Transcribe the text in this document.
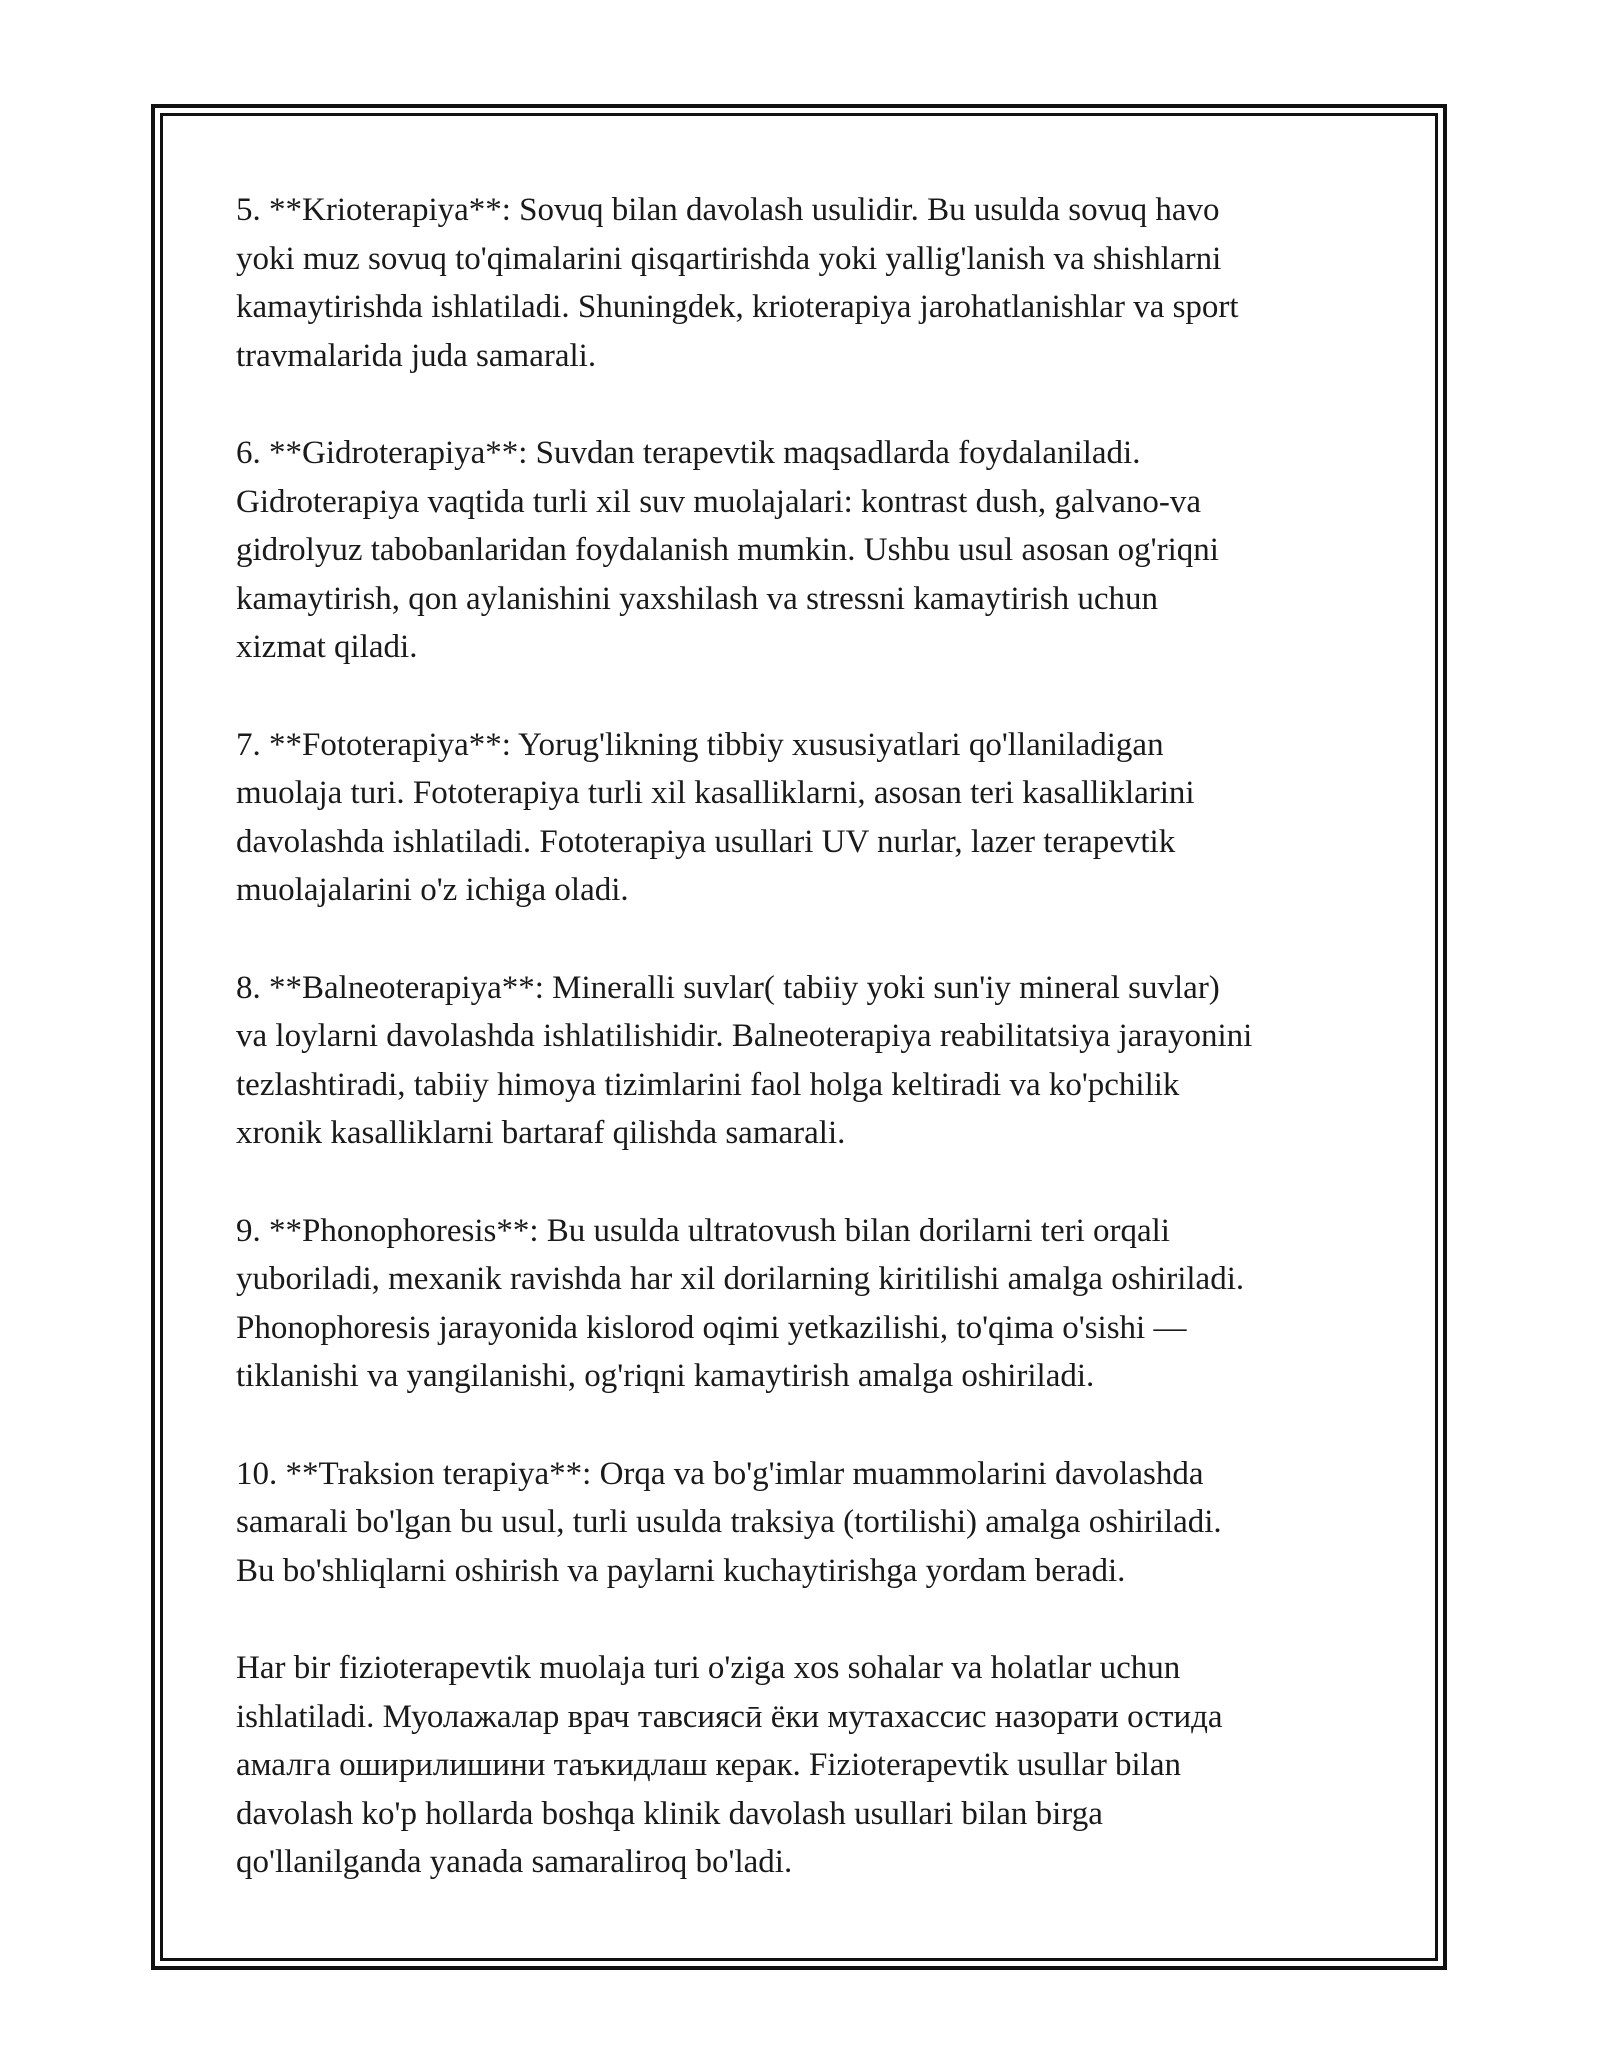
5. **Krioterapiya**: Sovuq bilan davolash usulidir. Bu usulda sovuq havo
yoki muz sovuq to'qimalarini qisqartirishda yoki yallig'lanish va shishlarni
kamaytirishda ishlatiladi. Shuningdek, krioterapiya jarohatlanishlar va sport
travmalarida juda samarali.

6. **Gidroterapiya**: Suvdan terapevtik maqsadlarda foydalaniladi.
Gidroterapiya vaqtida turli xil suv muolajalari: kontrast dush, galvano-va
gidrolyuz tabobanlaridan foydalanish mumkin. Ushbu usul asosan og'riqni
kamaytirish, qon aylanishini yaxshilash va stressni kamaytirish uchun
xizmat qiladi.

7. **Fototerapiya**: Yorug'likning tibbiy xususiyatlari qo'llaniladigan
muolaja turi. Fototerapiya turli xil kasalliklarni, asosan teri kasalliklarini
davolashda ishlatiladi. Fototerapiya usullari UV nurlar, lazer terapevtik
muolajalarini o'z ichiga oladi.

8. **Balneoterapiya**: Mineralli suvlar( tabiiy yoki sun'iy mineral suvlar)
va loylarni davolashda ishlatilishidir. Balneoterapiya reabilitatsiya jarayonini
tezlashtiradi, tabiiy himoya tizimlarini faol holga keltiradi va ko'pchilik
xronik kasalliklarni bartaraf qilishda samarali.

9. **Phonophoresis**: Bu usulda ultratovush bilan dorilarni teri orqali
yuboriladi, mexanik ravishda har xil dorilarning kiritilishi amalga oshiriladi.
Phonophoresis jarayonida kislorod oqimi yetkazilishi, to'qima o'sishi —
tiklanishi va yangilanishi, og'riqni kamaytirish amalga oshiriladi.

10. **Traksion terapiya**: Orqa va bo'g'imlar muammolarini davolashda
samarali bo'lgan bu usul, turli usulda traksiya (tortilishi) amalga oshiriladi.
Bu bo'shliqlarni oshirish va paylarni kuchaytirishga yordam beradi.

Har bir fizioterapevtik muolaja turi o'ziga xos sohalar va holatlar uchun
ishlatiladi. Муолажалар врач тавсиясӣ ёки мутахассис назорати остида
амалга оширилишини таъкидлаш керак. Fizioterapevtik usullar bilan
davolash ko'p hollarda boshqa klinik davolash usullari bilan birga
qo'llanilganda yanada samaraliroq bo'ladi.
